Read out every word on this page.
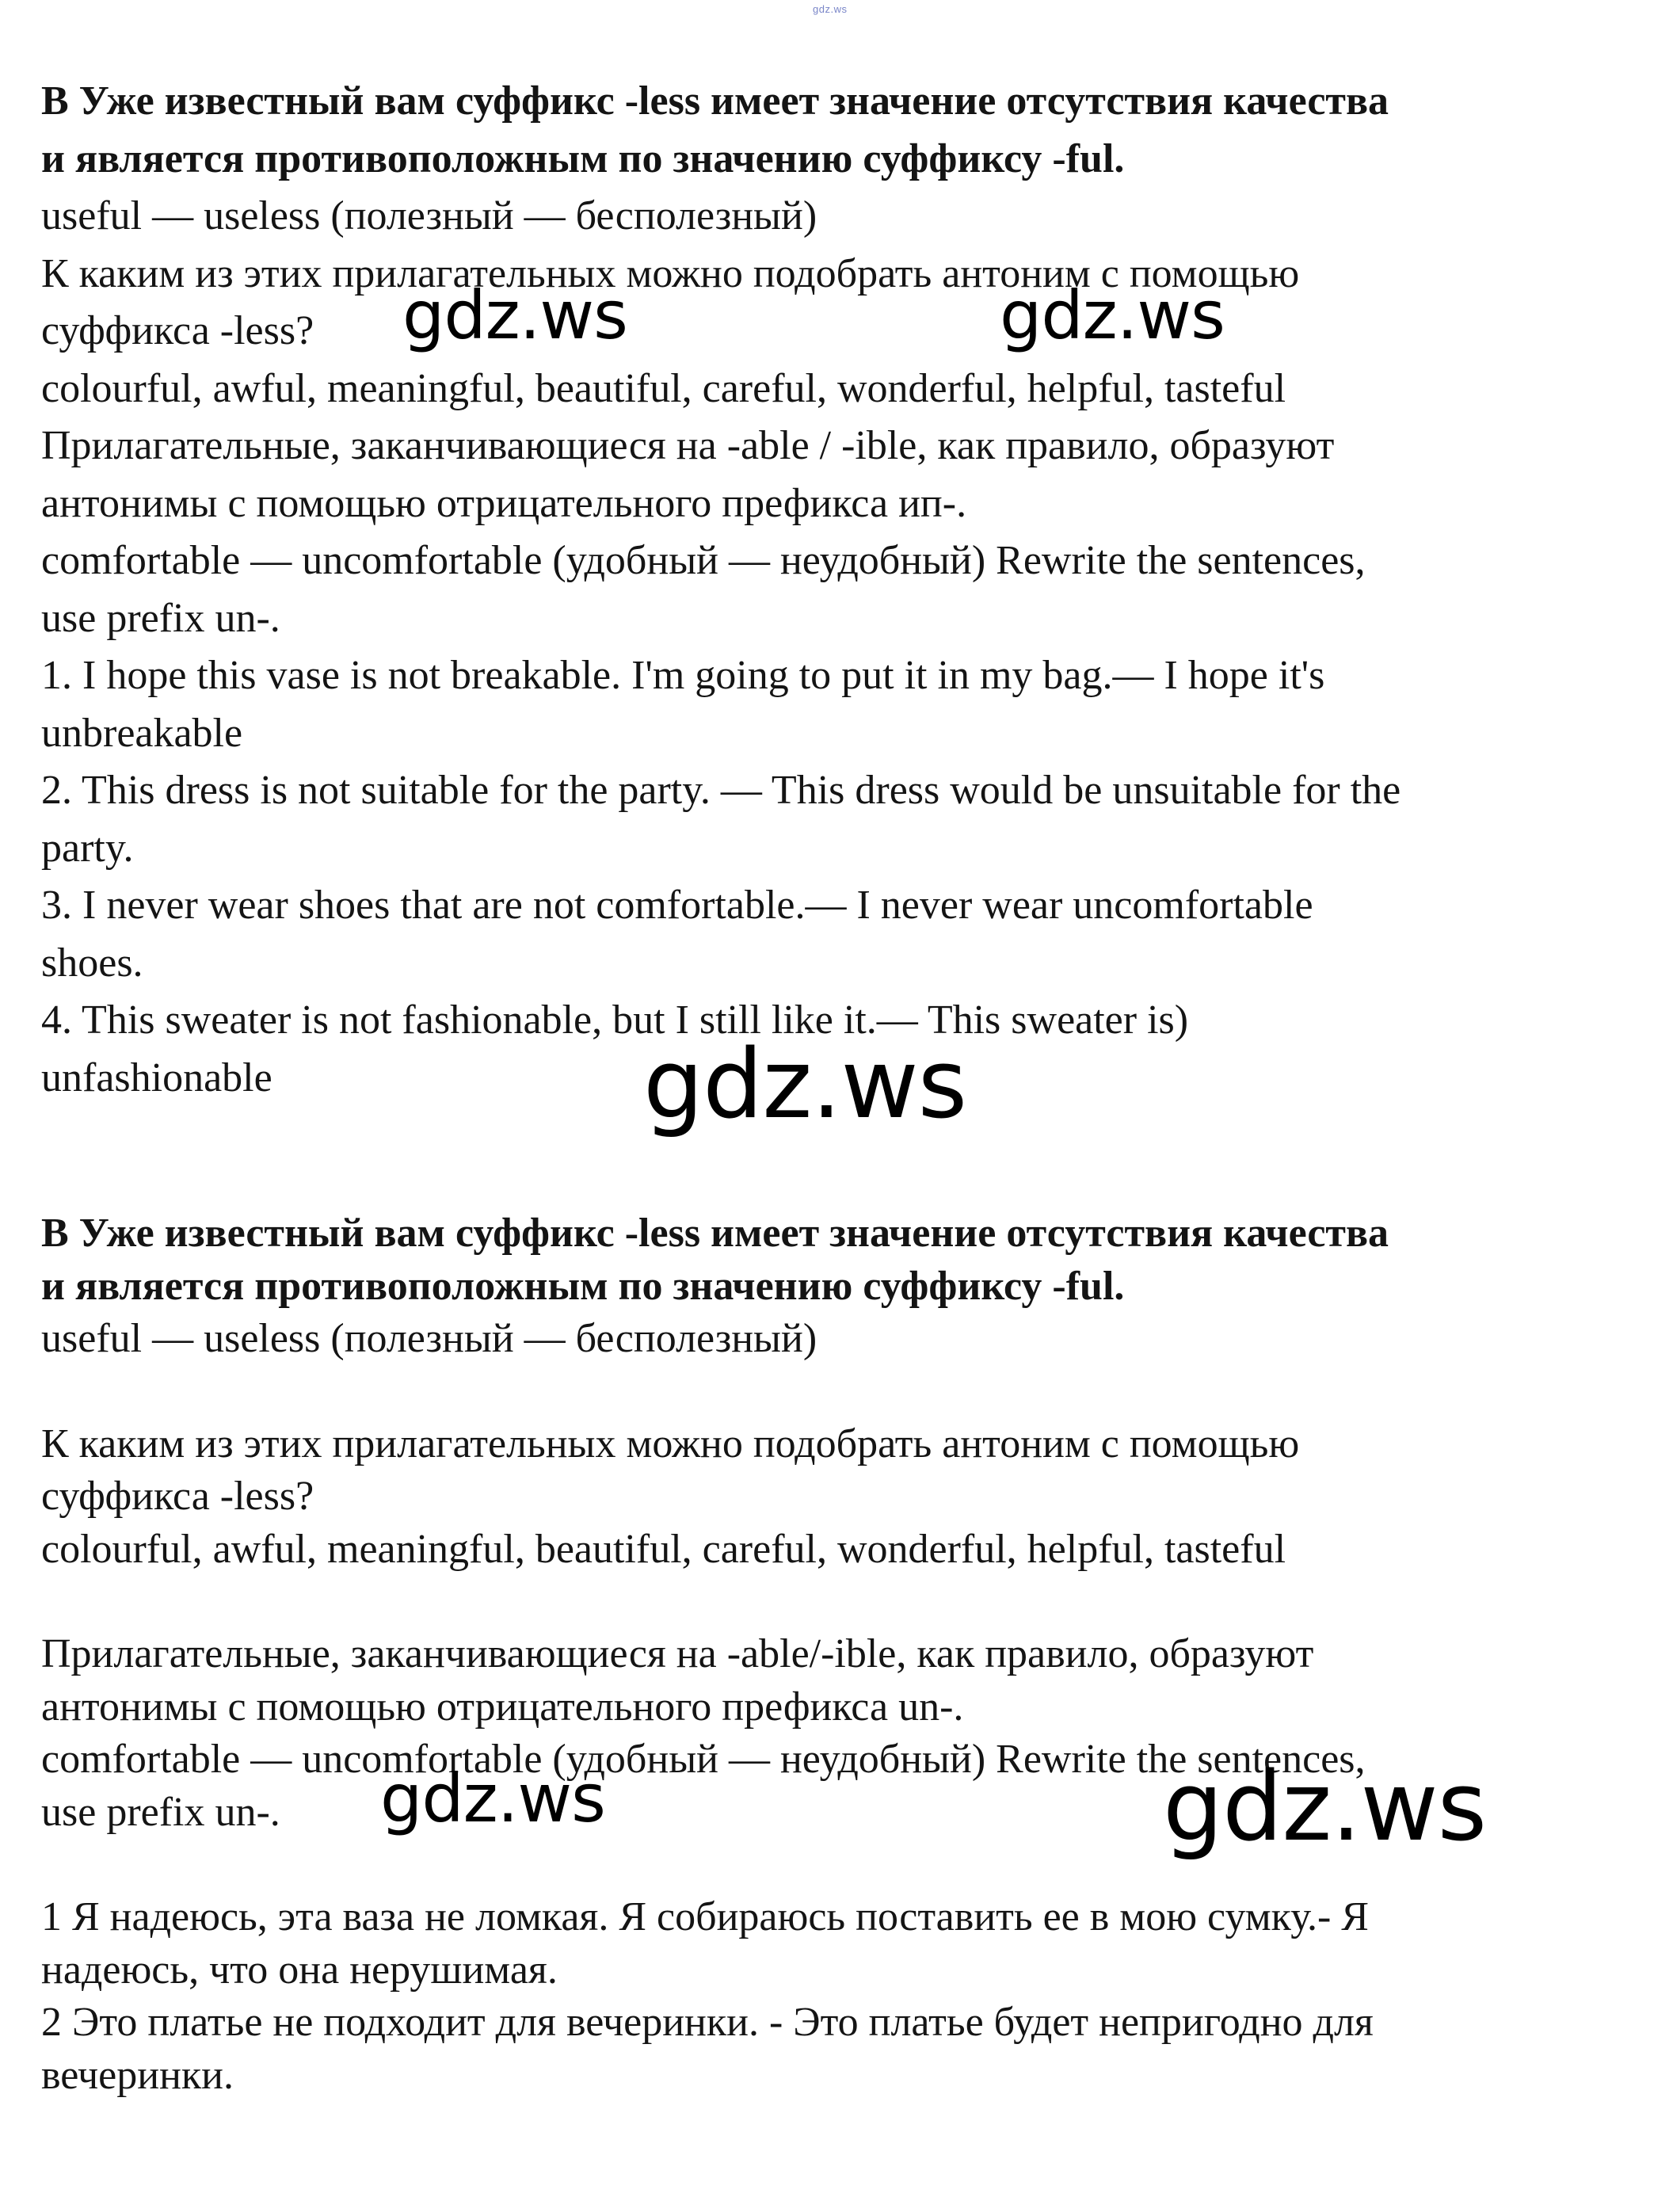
gdz.ws
B Уже известный вам суффикс -less имеет значение отсутствия качества
и является противоположным по значению суффиксу -ful.
useful — useless (полезный — бесполезный)
К каким из этих прилагательных можно подобрать антоним с помощью
суффикса -less?
colourful, awful, meaningful, beautiful, careful, wonderful, helpful, tasteful
Прилагательные, заканчивающиеся на -able / -ible, как правило, образуют
антонимы с помощью отрицательного префикса ип-.
comfortable — uncomfortable (удобный — неудобный) Rewrite the sentences,
use prefix un-.
1. I hope this vase is not breakable. I'm going to put it in my bag.— I hope it's
unbreakable
2. This dress is not suitable for the party. — This dress would be unsuitable for the
party.
3. I never wear shoes that are not comfortable.— I never wear uncomfortable
shoes.
4. This sweater is not fashionable, but I still like it.— This sweater is)
unfashionable
B Уже известный вам суффикс -less имеет значение отсутствия качества
и является противоположным по значению суффиксу -ful.
useful — useless (полезный — бесполезный)
К каким из этих прилагательных можно подобрать антоним с помощью
суффикса -less?
colourful, awful, meaningful, beautiful, careful, wonderful, helpful, tasteful
Прилагательные, заканчивающиеся на -able/-ible, как правило, образуют
антонимы с помощью отрицательного префикса un-.
comfortable — uncomfortable (удобный — неудобный) Rewrite the sentences,
use prefix un-.
1 Я надеюсь, эта ваза не ломкая. Я собираюсь поставить ее в мою сумку.- Я
надеюсь, что она нерушимая.
2 Это платье не подходит для вечеринки. - Это платье будет непригодно для
вечеринки.
gdz.ws	gdz.ws
gdz.ws
gdz.ws	gdz.ws
